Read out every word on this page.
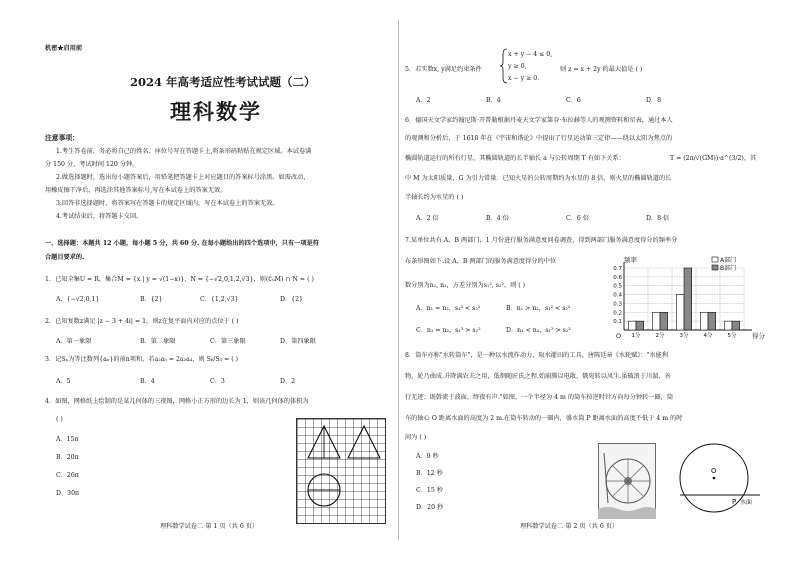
机密★启用前
2024 年高考适应性考试试题（二）
理科数学
注意事项：
1.考生答卷前，务必将自己的姓名、座位号写在答题卡上,将条形码粘贴在规定区域。本试卷满
分 150 分，考试时间 120 分钟。
2.做选择题时，选出每小题答案后，用铅笔把答题卡上对应题目的答案标号涂黑。如需改动，
用橡皮擦干净后，再选涂其他答案标号,写在本试卷上的答案无效。
3.回答非选择题时，将答案写在答题卡的规定区域内，写在本试卷上的答案无效。
4.考试结束后，将答题卡交回。
一、选择题：本题共 12 小题，每小题 5 分，共 60 分. 在每小题给出的四个选项中，只有一项是符
合题目要求的.
1．已知全集U = R，集合M = {x | y = √(1−x)}，N = {−√2,0,1,2,√3}，则(∁ᵤM) ∩ N = ( )
A．{−√2,0,1}	B．{2}	C．{1,2,√3}	D．{2}
2．已知复数z满足 |z − 3 + 4i| = 1，则z在复平面内对应的点位于 ( )
A．第一象限	B．第二象限	C．第三象限	D．第四象限
3．记Sₙ为等比数列{aₙ}的前n项和，若a₂a₅ = 2a₃a₄，则 S₆/S₃ = ( )
A．5	B．4	C．3	D．2
4．如图，网格纸上绘制的是某几何体的三视图，网格小正方形的边长为 1，则该几何体的体积为
( )
A．15π
B．20π
C．26π
D．30π
理科数学试卷二 第 1 页（共 6 页）
5．若实数x, y满足约束条件
x + y − 4 ≤ 0,
y ≥ 0,
x − y ≥ 0.
则 z = x + 2y 的最大值是 ( )
A．2	B．4	C．6	D．8
6．德国天文学家约翰尼斯·开普勒根据丹麦天文学家第谷·布拉赫等人的观测资料和星表，通过本人
的观测和分析后，于 1618 年在《宇宙和谐论》中提出了行星运动第三定律——绕以太阳为焦点的
椭圆轨道运行的所有行星，其椭圆轨道的长半轴长 a 与公转周期 T 有如下关系：	T = (2π/√(GM))·a^(3/2)，其
中 M 为太阳质量，G 为引力常量．已知火星的公转周期约为水星的 8 倍，则火星的椭圆轨道的长
半轴长约为水星的 ( )
A．2 倍	B．4 倍	C．6 倍	D．8 倍
7.某单位共有 A，B 两部门，1 月份进行服务满意度问卷调查，得到两部门服务满意度得分的频率分
布条形图如下.设 A，B 两部门的服务满意度得分的中位
数分别为n₁, n₂，方差分别为s₁², s₂²，则 ( )
A．n₁ = n₂，s₁² < s₂²	B．n₁ > n₂，s₁² < s₂²
C．n₁ = n₂，s₁² > s₂²	D．n₁ < n₂，s₁² > s₂²
频率
得分
O
A部门
B部门
0.7
0.6
0.5
0.4
0.3
0.2
0.1
1分	2分	3分	4分	5分
8．筒车亦称"水转筒车"，是一种以水流作动力，取水灌田的工具，唐陈廷章《水轮赋》："水能利
物，轮乃曲成.升降满农夫之用，低徊随匠氏之程.始崩腾以电散，俄宛转以风生.虽破浪于川湄，善
行无迹；既斡流于波面，终夜有声."如图，一个半径为 4 m 的筒车按逆时针方向每分钟转一圈，筒
车的轴心 O 距离水面的高度为 2 m.在筒车转动的一圈内，盛水筒 P 距离水面的高度不低于 4 m 的时
间为 ( )
A．9 秒
B．12 秒
C．15 秒
D．20 秒
O
P 水面
理科数学试卷二 第 2 页（共 6 页）
